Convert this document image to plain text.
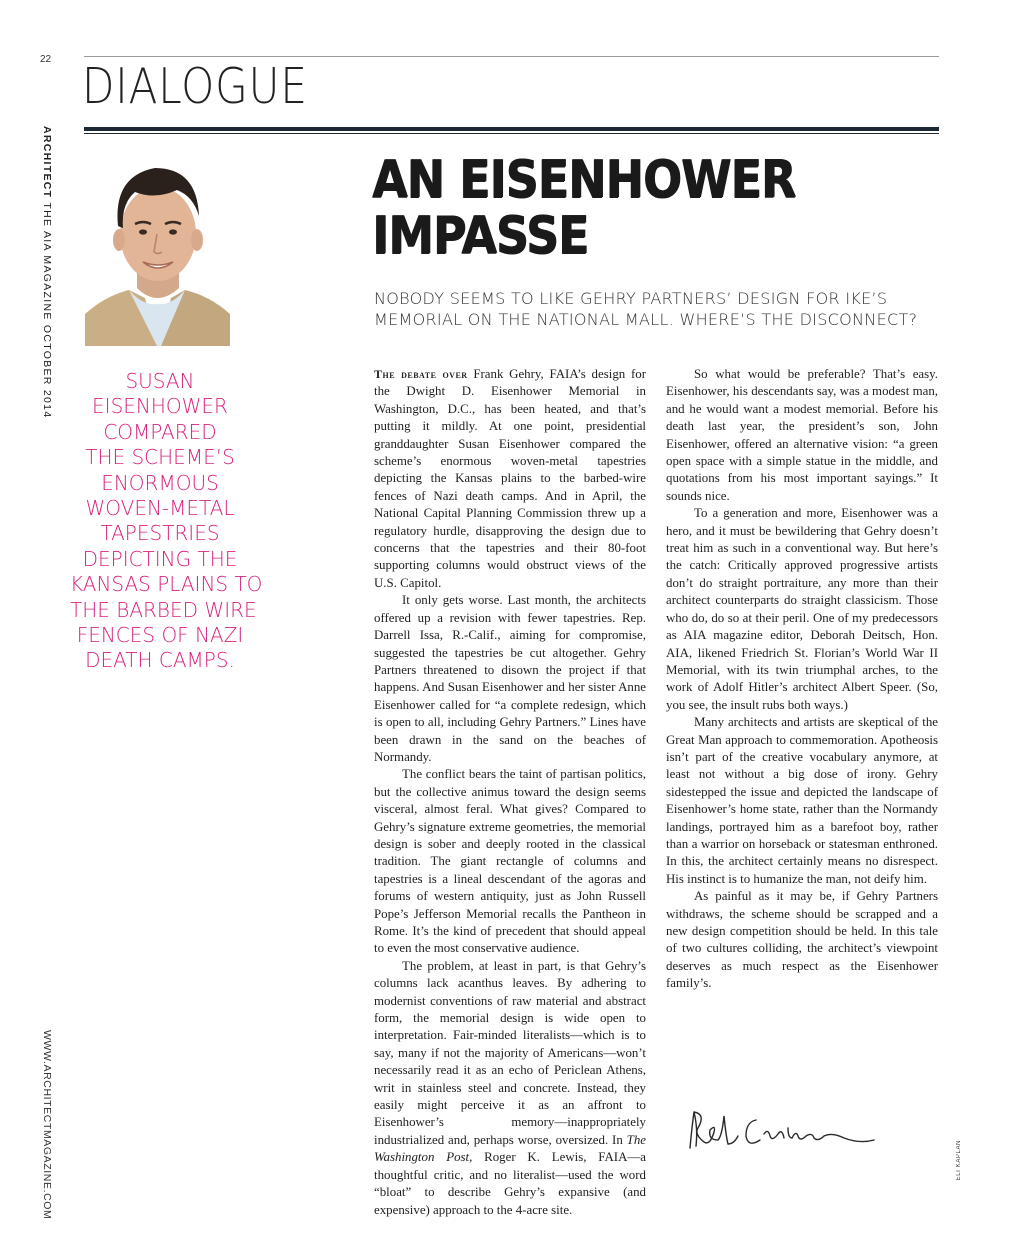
22 DIALOGUE
ARCHITECT THE AIA MAGAZINE OCTOBER 2014
WWW.ARCHITECTMAGAZINE.COM	ELI KAPLAN
AN EISENHOWER
IMPASSE
NOBODY SEEMS TO LIKE GEHRY PARTNERS’ DESIGN FOR IKE’S MEMORIAL ON THE NATIONAL MALL. WHERE’S THE DISCONNECT?
SUSAN
EISENHOWER
COMPARED
THE SCHEME’S
ENORMOUS
WOVEN-METAL
TAPESTRIES
DEPICTING THE
KANSAS PLAINS TO
THE BARBED WIRE
FENCES OF NAZI
DEATH CAMPS.

The debate over Frank Gehry, FAIA’s design for the Dwight D. Eisenhower Memorial in Washington, D.C., has been heated, and that’s putting it mildly. At one point, presidential granddaughter Susan Eisenhower compared the scheme’s enormous woven-metal tapestries depicting the Kansas plains to the barbed-wire fences of Nazi death camps. And in April, the National Capital Planning Commission threw up a regulatory hurdle, disapproving the design due to concerns that the tapestries and their 80-foot supporting columns would obstruct views of the U.S. Capitol.

It only gets worse. Last month, the architects offered up a revision with fewer tapestries. Rep. Darrell Issa, R.-Calif., aiming for compromise, suggested the tapestries be cut altogether. Gehry Partners threatened to disown the project if that happens. And Susan Eisenhower and her sister Anne Eisenhower called for “a complete redesign, which is open to all, including Gehry Partners.” Lines have been drawn in the sand on the beaches of Normandy.

The conflict bears the taint of partisan politics, but the collective animus toward the design seems visceral, almost feral. What gives? Compared to Gehry’s signature extreme geometries, the memorial design is sober and deeply rooted in the classical tradition. The giant rectangle of columns and tapestries is a lineal descendant of the agoras and forums of western antiquity, just as John Russell Pope’s Jefferson Memorial recalls the Pantheon in Rome. It’s the kind of precedent that should appeal to even the most conservative audience.

The problem, at least in part, is that Gehry’s columns lack acanthus leaves. By adhering to modernist conventions of raw material and abstract form, the memorial design is wide open to interpretation. Fair-minded literalists—which is to say, many if not the majority of Americans—won’t necessarily read it as an echo of Periclean Athens, writ in stainless steel and concrete. Instead, they easily might perceive it as an affront to Eisenhower’s memory—inappropriately industrialized and, perhaps worse, oversized. In The Washington Post, Roger K. Lewis, FAIA—a thoughtful critic, and no literalist—used the word “bloat” to describe Gehry’s expansive (and expensive) approach to the 4-acre site.

So what would be preferable? That’s easy. Eisenhower, his descendants say, was a modest man, and he would want a modest memorial. Before his death last year, the president’s son, John Eisenhower, offered an alternative vision: “a green open space with a simple statue in the middle, and quotations from his most important sayings.” It sounds nice.

To a generation and more, Eisenhower was a hero, and it must be bewildering that Gehry doesn’t treat him as such in a conventional way. But here’s the catch: Critically approved progressive artists don’t do straight portraiture, any more than their architect counterparts do straight classicism. Those who do, do so at their peril. One of my predecessors as AIA magazine editor, Deborah Deitsch, Hon. AIA, likened Friedrich St. Florian’s World War II Memorial, with its twin triumphal arches, to the work of Adolf Hitler’s architect Albert Speer. (So, you see, the insult rubs both ways.)

Many architects and artists are skeptical of the Great Man approach to commemoration. Apotheosis isn’t part of the creative vocabulary anymore, at least not without a big dose of irony. Gehry sidestepped the issue and depicted the landscape of Eisenhower’s home state, rather than the Normandy landings, portrayed him as a barefoot boy, rather than a warrior on horseback or statesman enthroned. In this, the architect certainly means no disrespect. His instinct is to humanize the man, not deify him.

As painful as it may be, if Gehry Partners withdraws, the scheme should be scrapped and a new design competition should be held. In this tale of two cultures colliding, the architect’s viewpoint deserves as much respect as the Eisenhower family’s.
